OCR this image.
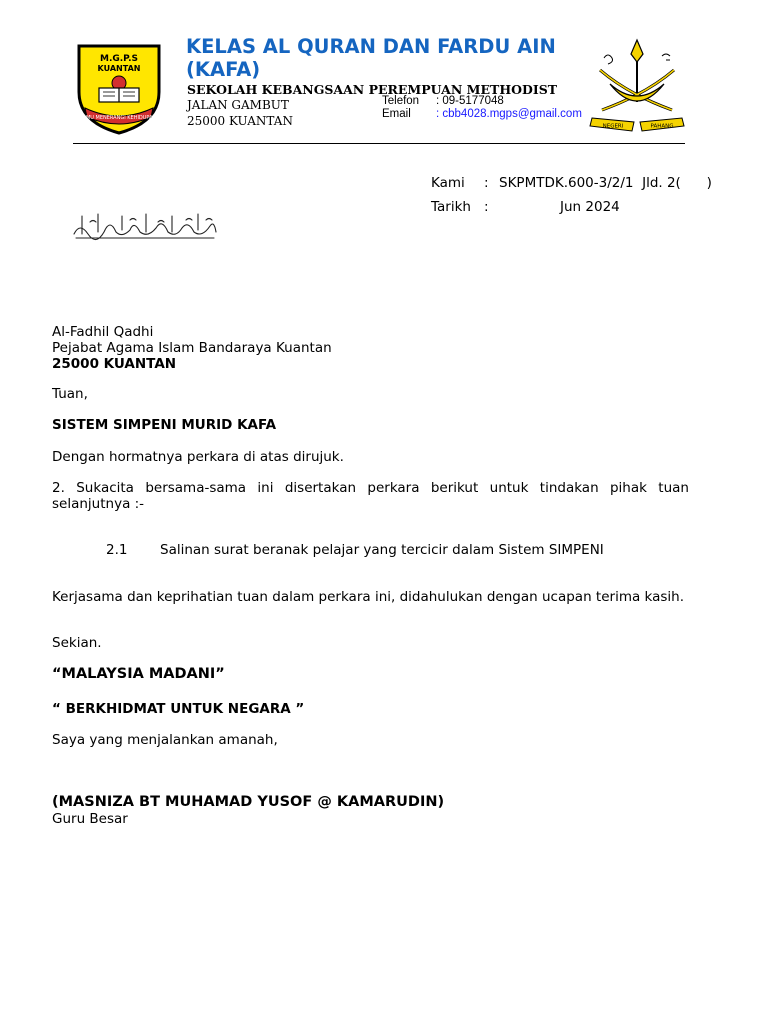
M.G.P.S
KUANTAN
ILMU MENERANGI KEHIDUPAN
KELAS AL QURAN DAN FARDU AIN (KAFA)
SEKOLAH KEBANGSAAN PEREMPUAN METHODIST
JALAN GAMBUT
25000 KUANTAN
Telefon : 09-5177048
Email : cbb4028.mgps@gmail.com
NEGERI	PAHANG
Kami : SKPMTDK.600-3/2/1  Jld. 2(      )
Tarikh :	Jun 2024
Al-Fadhil Qadhi
Pejabat Agama Islam Bandaraya Kuantan
25000 KUANTAN
Tuan,
SISTEM SIMPENI MURID KAFA
Dengan hormatnya perkara di atas dirujuk.
2. Sukacita bersama-sama ini disertakan perkara berikut untuk tindakan pihak tuan selanjutnya :-
2.1 Salinan surat beranak pelajar yang tercicir dalam Sistem SIMPENI
Kerjasama dan keprihatian tuan dalam perkara ini, didahulukan dengan ucapan terima kasih.
Sekian.
“MALAYSIA MADANI”
“ BERKHIDMAT UNTUK NEGARA ”
Saya yang menjalankan amanah,
(MASNIZA BT MUHAMAD YUSOF @ KAMARUDIN)
Guru Besar
